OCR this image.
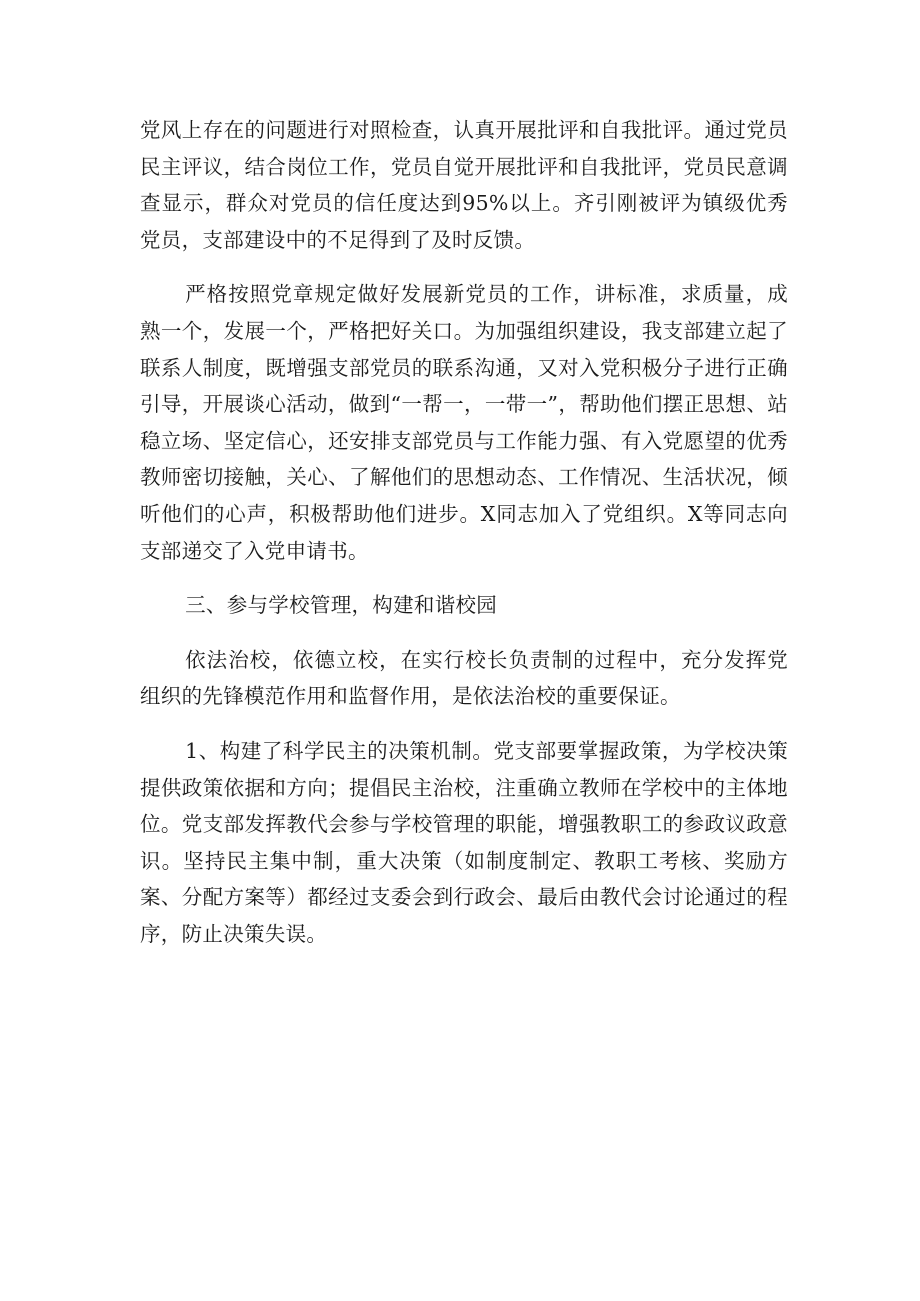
党风上存在的问题进行对照检查，认真开展批评和自我批评。通过党员民主评议，结合岗位工作，党员自觉开展批评和自我批评，党员民意调查显示，群众对党员的信任度达到95%以上。齐引刚被评为镇级优秀党员，支部建设中的不足得到了及时反馈。

严格按照党章规定做好发展新党员的工作，讲标准，求质量，成熟一个，发展一个，严格把好关口。为加强组织建设，我支部建立起了联系人制度，既增强支部党员的联系沟通，又对入党积极分子进行正确引导，开展谈心活动，做到“一帮一，一带一”，帮助他们摆正思想、站稳立场、坚定信心，还安排支部党员与工作能力强、有入党愿望的优秀教师密切接触，关心、了解他们的思想动态、工作情况、生活状况，倾听他们的心声，积极帮助他们进步。X同志加入了党组织。X等同志向支部递交了入党申请书。

三、参与学校管理，构建和谐校园

依法治校，依德立校，在实行校长负责制的过程中，充分发挥党组织的先锋模范作用和监督作用，是依法治校的重要保证。

1、构建了科学民主的决策机制。党支部要掌握政策，为学校决策提供政策依据和方向；提倡民主治校，注重确立教师在学校中的主体地位。党支部发挥教代会参与学校管理的职能，增强教职工的参政议政意识。坚持民主集中制，重大决策（如制度制定、教职工考核、奖励方案、分配方案等）都经过支委会到行政会、最后由教代会讨论通过的程序，防止决策失误。
